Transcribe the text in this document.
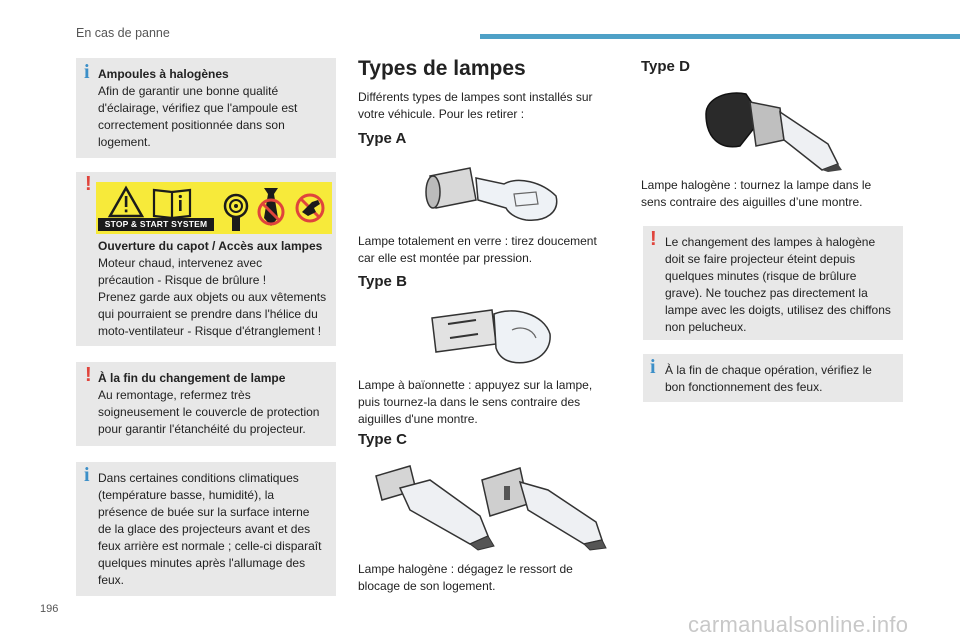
En cas de panne
i Ampoules à halogènes
Afin de garantir une bonne qualité
d'éclairage, vérifiez que l'ampoule est
correctement positionnée dans son
logement.
!
Ouverture du capot / Accès aux lampes
Moteur chaud, intervenez avec
précaution - Risque de brûlure !
Prenez garde aux objets ou aux vêtements
qui pourraient se prendre dans l'hélice du
moto-ventilateur - Risque d'étranglement !
STOP & START SYSTEM
! À la fin du changement de lampe
Au remontage, refermez très
soigneusement le couvercle de protection
pour garantir l'étanchéité du projecteur.
i Dans certaines conditions climatiques
(température basse, humidité), la
présence de buée sur la surface interne
de la glace des projecteurs avant et des
feux arrière est normale ; celle-ci disparaît
quelques minutes après l'allumage des
feux.
Types de lampes
Différents types de lampes sont installés sur
votre véhicule. Pour les retirer :
Type A
Lampe totalement en verre : tirez doucement
car elle est montée par pression.
Type B
Lampe à baïonnette : appuyez sur la lampe,
puis tournez-la dans le sens contraire des
aiguilles d'une montre.
Type C
Lampe halogène : dégagez le ressort de
blocage de son logement.
Type D
Lampe halogène : tournez la lampe dans le
sens contraire des aiguilles d’une montre.
! Le changement des lampes à halogène
doit se faire projecteur éteint depuis
quelques minutes (risque de brûlure
grave). Ne touchez pas directement la
lampe avec les doigts, utilisez des chiffons
non pelucheux.
i À la fin de chaque opération, vérifiez le
bon fonctionnement des feux.
196
carmanualsonline.info
